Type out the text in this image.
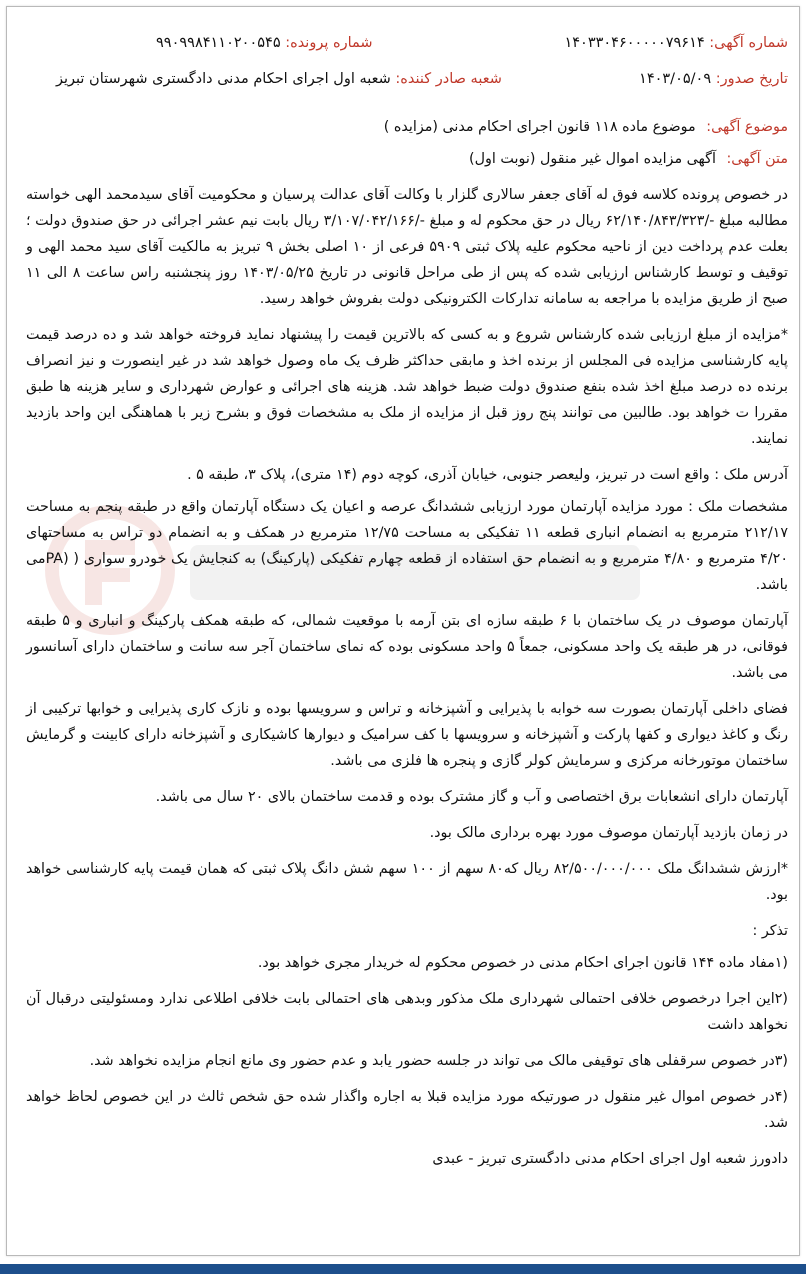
شماره آگهی: ۱۴۰۳۳۰۴۶۰۰۰۰۰۷۹۶۱۴
شماره پرونده: ۹۹۰۹۹۸۴۱۱۰۲۰۰۵۴۵
تاریخ صدور: ۱۴۰۳/۰۵/۰۹
شعبه صادر کننده: شعبه اول اجرای احکام مدنی دادگستری شهرستان تبریز
موضوع آگهی: موضوع ماده ۱۱۸ قانون اجرای احکام مدنی (مزایده )
متن آگهی: آگهی مزایده اموال غیر منقول (نوبت اول)

در خصوص پرونده کلاسه فوق له آقای جعفر سالاری گلزار با وکالت آقای عدالت پرسیان و محکومیت آقای سیدمحمد الهی خواسته مطالبه مبلغ -/۶۲/۱۴۰/۸۴۳/۳۲۳ ریال در حق محکوم له و مبلغ -/۳/۱۰۷/۰۴۲/۱۶۶ ریال بابت نیم عشر اجرائی در حق صندوق دولت ؛ بعلت عدم پرداخت دین از ناحیه محکوم علیه پلاک ثبتی ۵۹۰۹ فرعی از ۱۰ اصلی بخش ۹ تبریز به مالکیت آقای سید محمد الهی و توقیف و توسط کارشناس ارزیابی شده که پس از طی مراحل قانونی در تاریخ ۱۴۰۳/۰۵/۲۵ روز پنجشنبه راس ساعت ۸ الی ۱۱ صبح از طریق مزایده با مراجعه به سامانه تدارکات الکترونیکی دولت بفروش خواهد رسید.

*مزایده از مبلغ ارزیابی شده کارشناس شروع و به کسی که بالاترین قیمت را پیشنهاد نماید فروخته خواهد شد و ده درصد قیمت پایه کارشناسی مزایده فی المجلس از برنده اخذ و مابقی حداکثر ظرف یک ماه وصول خواهد شد در غیر اینصورت و نیز انصراف برنده ده درصد مبلغ اخذ شده بنفع صندوق دولت ضبط خواهد شد. هزینه های اجرائی و عوارض شهرداری و سایر هزینه ها طبق مقررا ت خواهد بود. طالبین می توانند پنج روز قبل از مزایده از ملک به مشخصات فوق و بشرح زیر با هماهنگی این واحد بازدید نمایند.

آدرس ملک : واقع است در تبریز، ولیعصر جنوبی، خیابان آذری، کوچه دوم (۱۴ متری)، پلاک ۳، طبقه ۵ .

مشخصات ملک : مورد مزایده آپارتمان مورد ارزیابی ششدانگ عرصه و اعیان یک دستگاه آپارتمان واقع در طبقه پنجم به مساحت ۲۱۲/۱۷ مترمربع به انضمام انباری قطعه ۱۱ تفکیکی به مساحت ۱۲/۷۵ مترمربع در همکف و به انضمام دو تراس به مساحتهای ۴/۲۰ مترمربع و ۴/۸۰ مترمربع و به انضمام حق استفاده از قطعه چهارم تفکیکی (پارکینگ) به کنجایش یک خودرو سواری ( (PAمی باشد.

آپارتمان موصوف در یک ساختمان با ۶ طبقه سازه ای بتن آرمه با موقعیت شمالی، که طبقه همکف پارکینگ و انباری و ۵ طبقه فوقانی، در هر طبقه یک واحد مسکونی، جمعاً ۵ واحد مسکونی بوده که نمای ساختمان آجر سه سانت و ساختمان دارای آسانسور می باشد.

فضای داخلی آپارتمان بصورت سه خوابه با پذیرایی و آشپزخانه و تراس و سرویسها بوده و نازک کاری پذیرایی و خوابها ترکیبی از رنگ و کاغذ دیواری و کفها پارکت و آشپزخانه و سرویسها با کف سرامیک و دیوارها کاشیکاری و آشپزخانه دارای کابینت و گرمایش ساختمان موتورخانه مرکزی و سرمایش کولر گازی و پنجره ها فلزی می باشد.

آپارتمان دارای انشعابات برق اختصاصی و آب و گاز مشترک بوده و قدمت ساختمان بالای ۲۰ سال می باشد.

در زمان بازدید آپارتمان موصوف مورد بهره برداری مالک بود.

*ارزش ششدانگ ملک ۸۲/۵۰۰/۰۰۰/۰۰۰ ریال که۸۰ سهم از ۱۰۰ سهم شش دانگ پلاک ثبتی که همان قیمت پایه کارشناسی خواهد بود.

تذکر :

(۱مفاد ماده ۱۴۴ قانون اجرای احکام مدنی در خصوص محکوم له خریدار مجری خواهد بود.

(۲این اجرا درخصوص خلافی احتمالی شهرداری ملک مذکور وبدهی های احتمالی بابت خلافی اطلاعی ندارد ومسئولیتی درقبال آن نخواهد داشت

(۳در خصوص سرقفلی های توقیفی مالک می تواند در جلسه حضور یابد و عدم حضور وی مانع انجام مزایده نخواهد شد.

(۴در خصوص اموال غیر منقول در صورتیکه مورد مزایده قبلا به اجاره واگذار شده حق شخص ثالث در این خصوص لحاظ خواهد شد.

دادورز شعبه اول اجرای احکام مدنی دادگستری تبریز - عبدی
